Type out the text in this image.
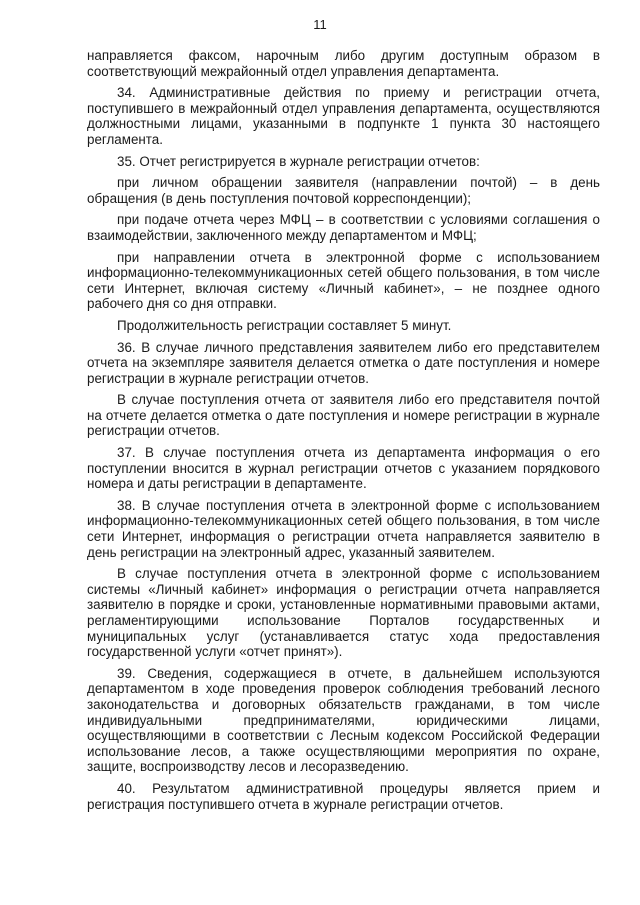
11

направляется факсом, нарочным либо другим доступным образом в соответствующий межрайонный отдел управления департамента.

34. Административные действия по приему и регистрации отчета, поступившего в межрайонный отдел управления департамента, осуществляются должностными лицами, указанными в подпункте 1 пункта 30 настоящего регламента.

35. Отчет регистрируется в журнале регистрации отчетов:

при личном обращении заявителя (направлении почтой) – в день обращения (в день поступления почтовой корреспонденции);

при подаче отчета через МФЦ – в соответствии с условиями соглашения о взаимодействии, заключенного между департаментом и МФЦ;

при направлении отчета в электронной форме с использованием информационно-телекоммуникационных сетей общего пользования, в том числе сети Интернет, включая систему «Личный кабинет», – не позднее одного рабочего дня со дня отправки.

Продолжительность регистрации составляет 5 минут.

36. В случае личного представления заявителем либо его представителем отчета на экземпляре заявителя делается отметка о дате поступления и номере регистрации в журнале регистрации отчетов.

В случае поступления отчета от заявителя либо его представителя почтой на отчете делается отметка о дате поступления и номере регистрации в журнале регистрации отчетов.

37. В случае поступления отчета из департамента информация о его поступлении вносится в журнал регистрации отчетов с указанием порядкового номера и даты регистрации в департаменте.

38. В случае поступления отчета в электронной форме с использованием информационно-телекоммуникационных сетей общего пользования, в том числе сети Интернет, информация о регистрации отчета направляется заявителю в день регистрации на электронный адрес, указанный заявителем.

В случае поступления отчета в электронной форме с использованием системы «Личный кабинет» информация о регистрации отчета направляется заявителю в порядке и сроки, установленные нормативными правовыми актами, регламентирующими использование Порталов государственных и муниципальных услуг (устанавливается статус хода предоставления государственной услуги «отчет принят»).

39. Сведения, содержащиеся в отчете, в дальнейшем используются департаментом в ходе проведения проверок соблюдения требований лесного законодательства и договорных обязательств гражданами, в том числе индивидуальными предпринимателями, юридическими лицами, осуществляющими в соответствии с Лесным кодексом Российской Федерации использование лесов, а также осуществляющими мероприятия по охране, защите, воспроизводству лесов и лесоразведению.

40. Результатом административной процедуры является прием и регистрация поступившего отчета в журнале регистрации отчетов.
